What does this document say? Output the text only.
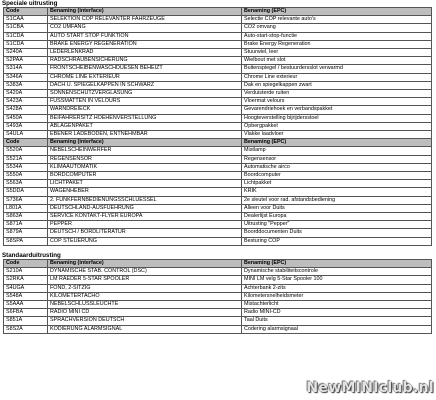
Speciale uitrusting
Code	Benaming (interface)	Benaming (EPC)
S1CAA	SELEKTION COP RELEVANTER FAHRZEUGE	Selectie COP relevante auto's
S1CBA	CO2 UMFANG	CO2 omvang
S1CDA	AUTO START STOP FUNKTION	Auto-start-stop-functie
S1CDA	BRAKE ENERGY REGENERATION	Brake Energy Regeneration
S240A	LEDERLENKRAD	Stuurwiel, leer
S2PAA	RADSCHRAUBENSICHERUNG	Wielbout met slot
S314A	FRONTSCHEIBENWASCHDUESEN BEHEIZT	Buitenspiegel / bestuurdersslot verwarmd
S346A	CHROME LINE EXTERIEUR	Chrome Line exterieur
S383A	DACH U. SPIEGELKAPPEN IN SCHWARZ	Dak en spiegelkappen zwart
S420A	SONNENSCHUTZVERGLASUNG	Verduisterde ruiten
S423A	FUSSMATTEN IN VELOURS	Vloermat velours
S428A	WARNDREIECK	Gevarendriehoek en verbandspakket
S450A	BEIFAHRERSITZ HOEHENVERSTELLUNG	Hoogteverstelling bijrijdersstoel
S493A	ABLAGENPAKET	Opbergpakket
S4ULA	EBENER LADEBODEN, ENTNEHMBAR	Vlakke laadvloer
Code	Benaming (interface)	Benaming (EPC)
S520A	NEBELSCHEINWERFER	Mistlamp
S521A	REGENSENSOR	Regensensor
S534A	KLIMAAUTOMATIK	Automatische airco
S550A	BORDCOMPUTER	Boordcomputer
S563A	LICHTPAKET	Lichtpakket
S5DDA	WAGENHEBER	KRIK
S736A	2. FUNKFERNBEDIENUNGSSCHLUESSEL	2e sleutel voor rad. afstandsbediening
L801A	DEUTSCHLAND-AUSFUEHRUNG	Alleen voor Duits
S863A	SERVICE KONTAKT-FLYER EUROPA	Dealerlijst Europa
S871A	PEPPER	Uitrusting "Pepper"
S879A	DEUTSCH / BORDLITERATUR	Boorddocumenten Duits
S8SPA	COP STEUERUNG	Besturing COP
Standaarduitrusting
Code	Benaming (interface)	Benaming (EPC)
S210A	DYNAMISCHE STAB. CONTROL (DSC)	Dynamische stabiliteitscontrole
S2RKA	LM RAEDER 5-STAR SPOOLER	MINI LM velg 5-Star Spooler 100
S4UGA	FOND, 2-SITZIG	Achterbank 2-zits
S548A	KILOMETERTACHO	Kilometersnelheidsmeter
S5AAA	NEBELSCHLUSSLEUCHTE	Mistachterlicht
S6FBA	RADIO MINI CD	Radio MINI-CD
S851A	SPRACHVERSION DEUTSCH	Taal Duits
S8S2A	KODIERUNG ALARMSIGNAL	Codering alarmsignaal
NewMINIclub.nl
